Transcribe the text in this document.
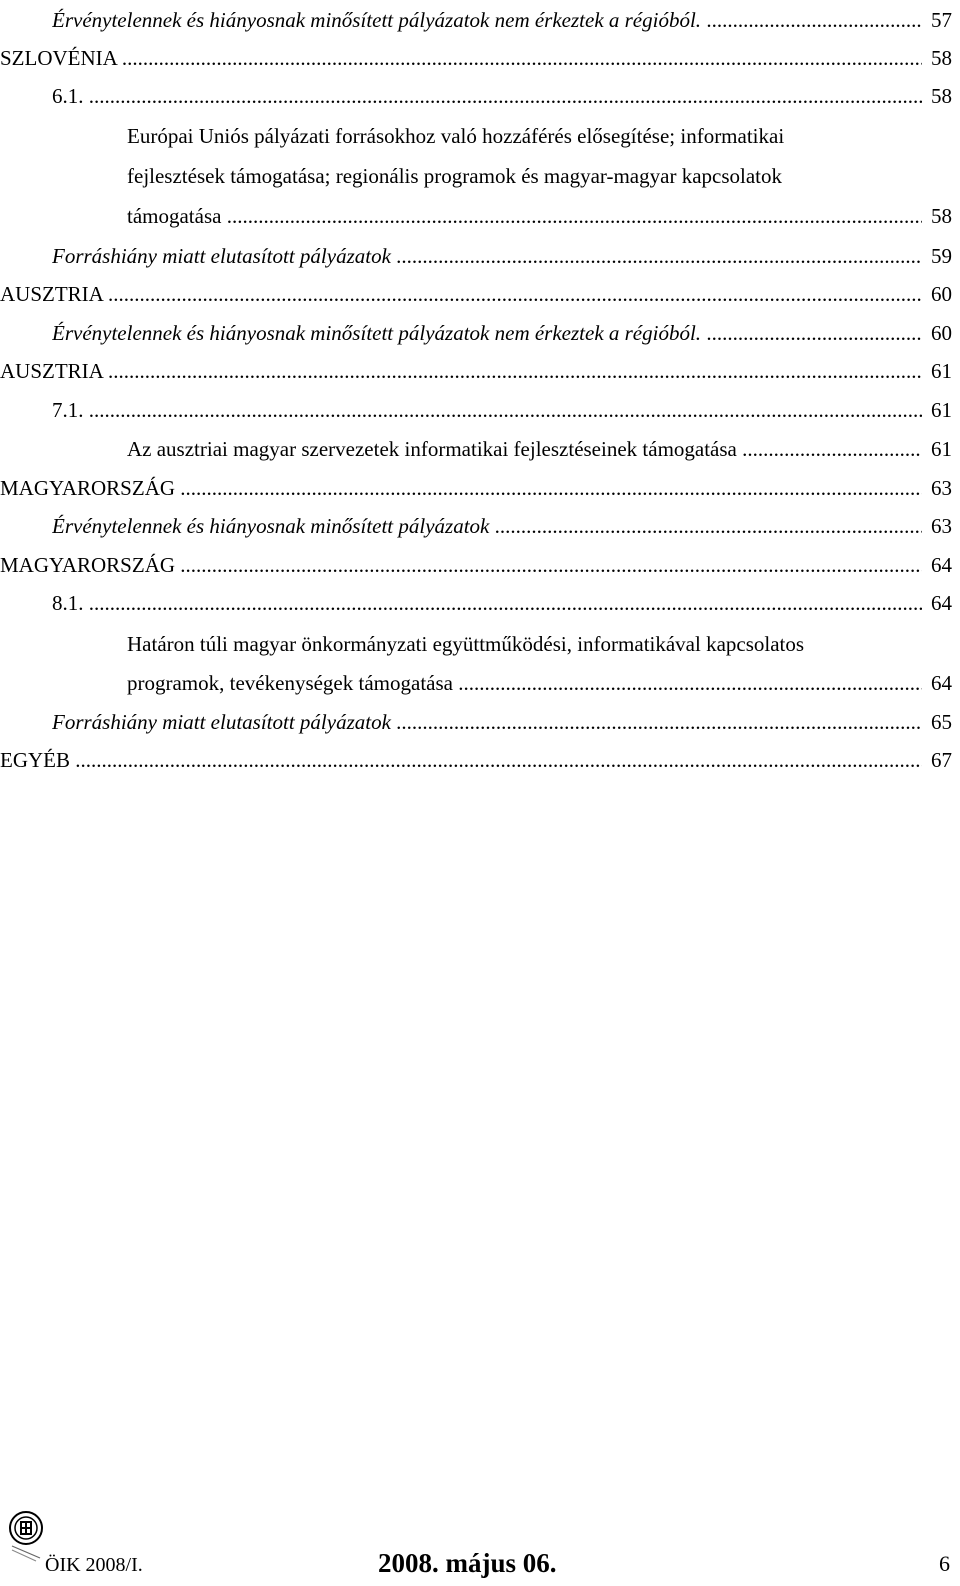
Érvénytelennek és hiányosnak minősített pályázatok nem érkeztek a régióból. .....	57
SZLOVÉNIA .....	58
6.1. .....	58
Európai Uniós pályázati forrásokhoz való hozzáférés elősegítése; informatikai
fejlesztések támogatása; regionális programok és magyar-magyar kapcsolatok
támogatása .....	58
Forráshiány miatt elutasított pályázatok .....	59
AUSZTRIA .....	60
Érvénytelennek és hiányosnak minősített pályázatok nem érkeztek a régióból. .....	60
AUSZTRIA .....	61
7.1. .....	61
Az ausztriai magyar szervezetek informatikai fejlesztéseinek támogatása .....	61
MAGYARORSZÁG .....	63
Érvénytelennek és hiányosnak minősített pályázatok .....	63
MAGYARORSZÁG .....	64
8.1. .....	64
Határon túli magyar önkormányzati együttműködési, informatikával kapcsolatos
programok, tevékenységek támogatása .....	64
Forráshiány miatt elutasított pályázatok .....	65
EGYÉB .....	67
ÖIK 2008/I.	2008. május 06.	6
